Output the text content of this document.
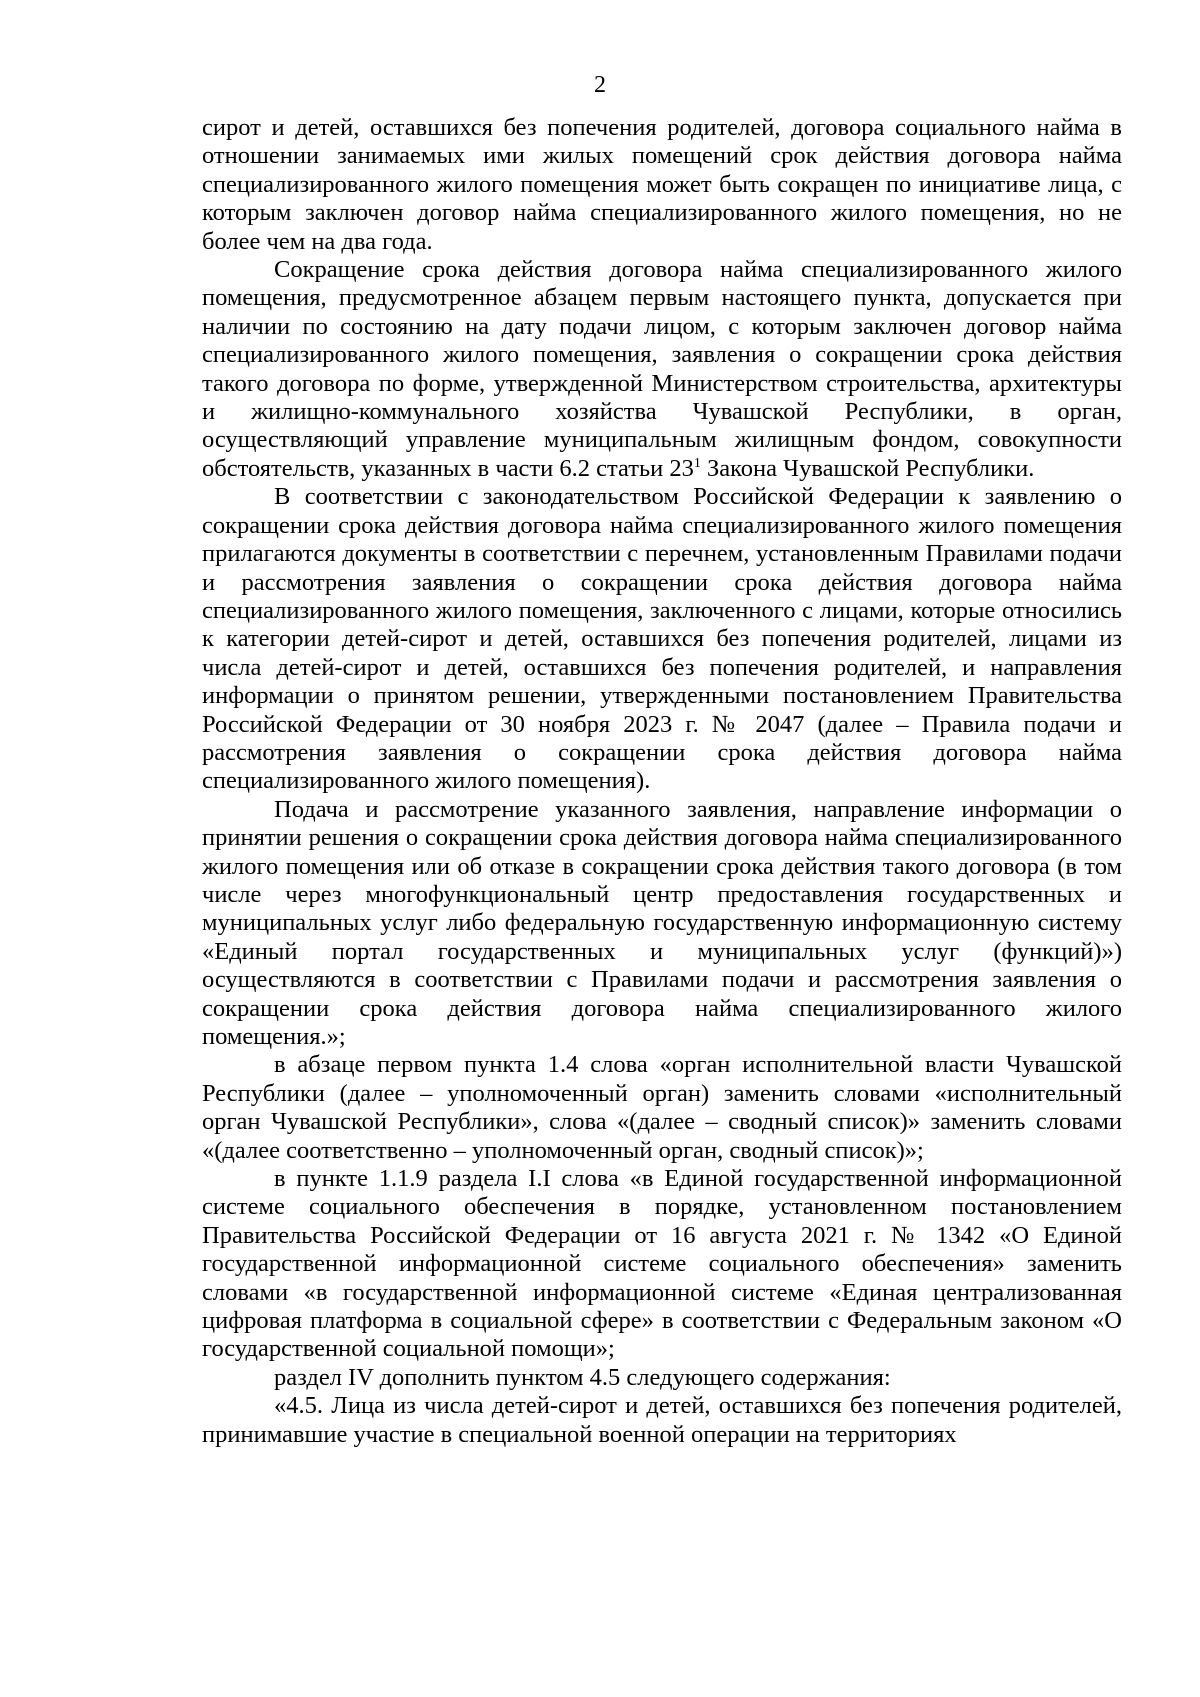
2

сирот и детей, оставшихся без попечения родителей, договора социального найма в отношении занимаемых ими жилых помещений срок действия договора найма специализированного жилого помещения может быть сокращен по инициативе лица, с которым заключен договор найма специализированного жилого помещения, но не более чем на два года.

Сокращение срока действия договора найма специализированного жилого помещения, предусмотренное абзацем первым настоящего пункта, допускается при наличии по состоянию на дату подачи лицом, с которым заключен договор найма специализированного жилого помещения, заявления о сокращении срока действия такого договора по форме, утвержденной Министерством строительства, архитектуры и жилищно-коммунального хозяйства Чувашской Республики, в орган, осуществляющий управление муниципальным жилищным фондом, совокупности обстоятельств, указанных в части 6.2 статьи $23^1$ Закона Чувашской Республики.

В соответствии с законодательством Российской Федерации к заявлению о сокращении срока действия договора найма специализированного жилого помещения прилагаются документы в соответствии с перечнем, установленным Правилами подачи и рассмотрения заявления о сокращении срока действия договора найма специализированного жилого помещения, заключенного с лицами, которые относились к категории детей-сирот и детей, оставшихся без попечения родителей, лицами из числа детей-сирот и детей, оставшихся без попечения родителей, и направления информации о принятом решении, утвержденными постановлением Правительства Российской Федерации от 30 ноября 2023 г. № 2047 (далее – Правила подачи и рассмотрения заявления о сокращении срока действия договора найма специализированного жилого помещения).

Подача и рассмотрение указанного заявления, направление информации о принятии решения о сокращении срока действия договора найма специализированного жилого помещения или об отказе в сокращении срока действия такого договора (в том числе через многофункциональный центр предоставления государственных и муниципальных услуг либо федеральную государственную информационную систему «Единый портал государственных и муниципальных услуг (функций)») осуществляются в соответствии с Правилами подачи и рассмотрения заявления о сокращении срока действия договора найма специализированного жилого помещения.»;

в абзаце первом пункта 1.4 слова «орган исполнительной власти Чувашской Республики (далее – уполномоченный орган) заменить словами «исполнительный орган Чувашской Республики», слова «(далее – сводный список)» заменить словами «(далее соответственно – уполномоченный орган, сводный список)»;

в пункте 1.1.9 раздела I.I слова «в Единой государственной информационной системе социального обеспечения в порядке, установленном постановлением Правительства Российской Федерации от 16 августа 2021 г. № 1342 «О Единой государственной информационной системе социального обеспечения» заменить словами «в государственной информационной системе «Единая централизованная цифровая платформа в социальной сфере» в соответствии с Федеральным законом «О государственной социальной помощи»;

раздел IV дополнить пунктом 4.5 следующего содержания:

«4.5. Лица из числа детей-сирот и детей, оставшихся без попечения родителей, принимавшие участие в специальной военной операции на территориях
